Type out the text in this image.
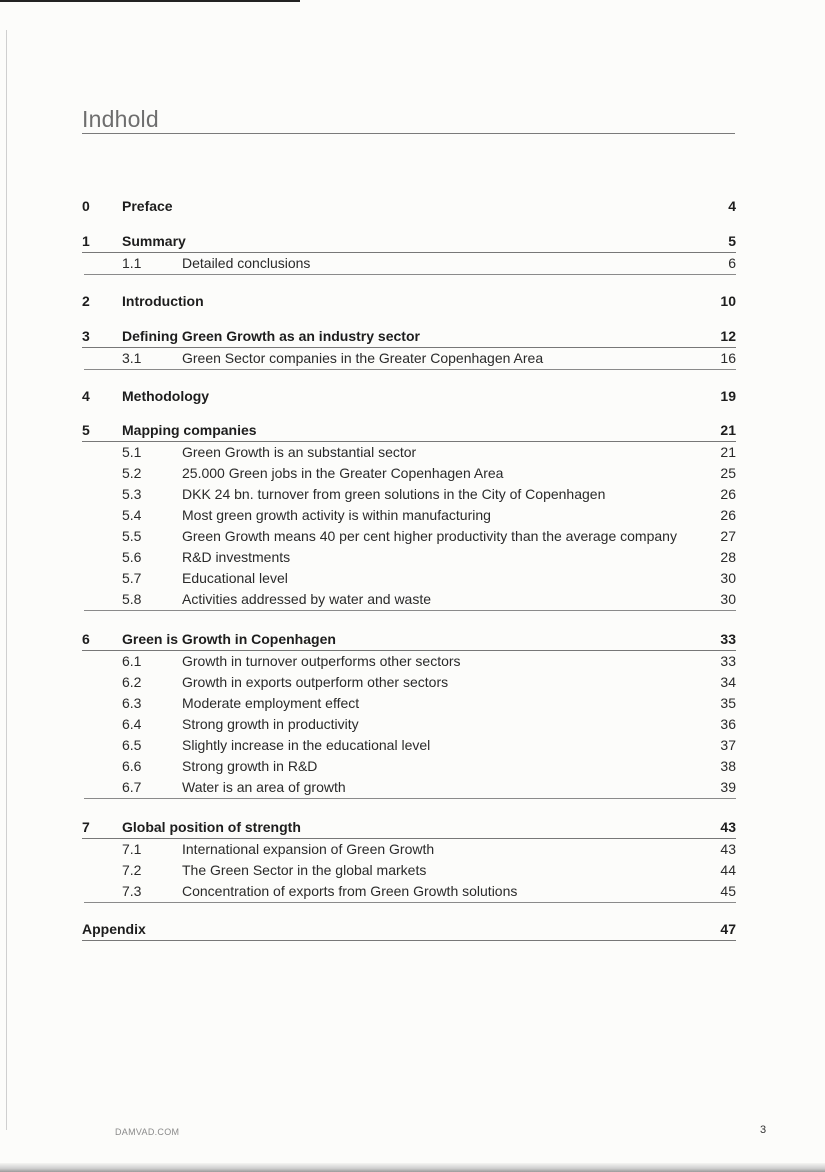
Indhold
0 Preface	4
1 Summary	5
1.1	Detailed conclusions	6
2 Introduction	10
3 Defining Green Growth as an industry sector	12
3.1	Green Sector companies in the Greater Copenhagen Area	16
4 Methodology	19
5 Mapping companies	21
5.1	Green Growth is an substantial sector	21
5.2	25.000 Green jobs in the Greater Copenhagen Area	25
5.3	DKK 24 bn. turnover from green solutions in the City of Copenhagen	26
5.4	Most green growth activity is within manufacturing	26
5.5	Green Growth means 40 per cent higher productivity than the average company	27
5.6	R&D investments	28
5.7	Educational level	30
5.8	Activities addressed by water and waste	30
6 Green is Growth in Copenhagen	33
6.1	Growth in turnover outperforms other sectors	33
6.2	Growth in exports outperform other sectors	34
6.3	Moderate employment effect	35
6.4	Strong growth in productivity	36
6.5	Slightly increase in the educational level	37
6.6	Strong growth in R&D	38
6.7	Water is an area of growth	39
7 Global position of strength	43
7.1	International expansion of Green Growth	43
7.2	The Green Sector in the global markets	44
7.3	Concentration of exports from Green Growth solutions	45
Appendix	47
DAMVAD.COM	3
